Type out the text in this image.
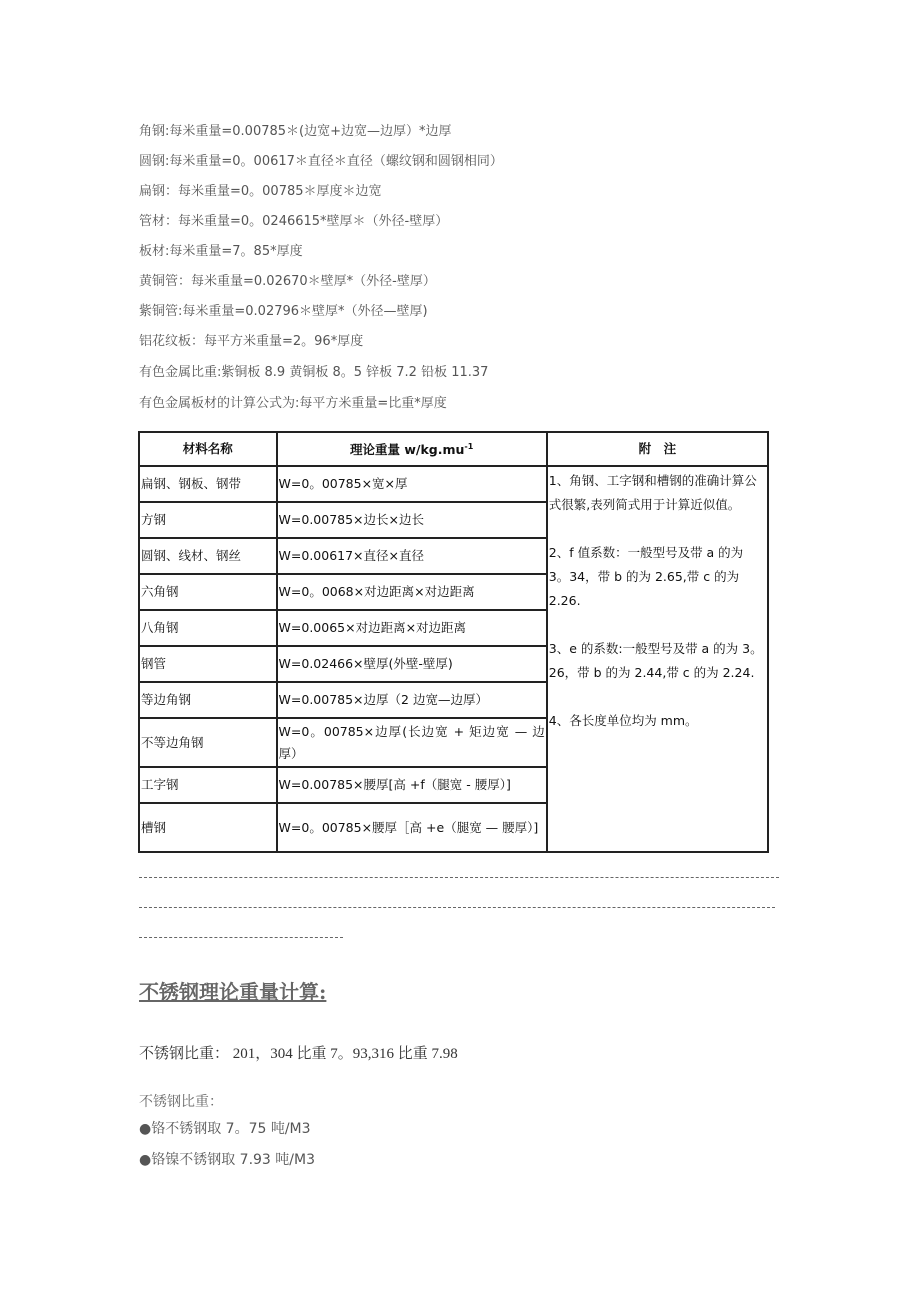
角钢:每米重量=0.00785＊(边宽+边宽—边厚）*边厚
圆钢:每米重量=0。00617＊直径＊直径（螺纹钢和圆钢相同）
扁钢：每米重量=0。00785＊厚度＊边宽
管材：每米重量=0。0246615*壁厚＊（外径-壁厚）
板材:每米重量=7。85*厚度
黄铜管：每米重量=0.02670＊壁厚*（外径-壁厚）
紫铜管:每米重量=0.02796＊壁厚*（外径—壁厚)
铝花纹板：每平方米重量=2。96*厚度
有色金属比重:紫铜板 8.9 黄铜板 8。5 锌板 7.2 铅板 11.37
有色金属板材的计算公式为:每平方米重量=比重*厚度
材料名称	理论重量 $w/kg.mu^{-1}$	附　注
扁钢、钢板、钢带	W=0。00785×宽×厚	1、角钢、工字钢和槽钢的准确计算公式很繁,表列简式用于计算近似值。
2、f 值系数：一般型号及带 a 的为 3。34，带 b 的为 2.65,带 c 的为 2.26.
3、e 的系数:一般型号及带 a 的为 3。26，带 b 的为 2.44,带 c 的为 2.24.
4、各长度单位均为 mm。

方钢	W=0.00785×边长×边长	
圆钢、线材、钢丝	W=0.00617×直径×直径	
六角钢	W=0。0068×对边距离×对边距离	
八角钢	W=0.0065×对边距离×对边距离	
钢管	W=0.02466×壁厚(外壁-壁厚)	
等边角钢	W=0.00785×边厚（2 边宽—边厚）	
不等边角钢	W=0。00785×边厚(长边宽 + 矩边宽 — 边厚）	
工字钢	W=0.00785×腰厚[高 +f（腿宽 - 腰厚）]	
槽钢	W=0。00785×腰厚［高 +e（腿宽 — 腰厚）]	
不锈钢理论重量计算:
不锈钢比重： 201，304 比重 7。93,316 比重 7.98
不锈钢比重：
●铬不锈钢取 7。75 吨/M3
●铬镍不锈钢取 7.93 吨/M3
